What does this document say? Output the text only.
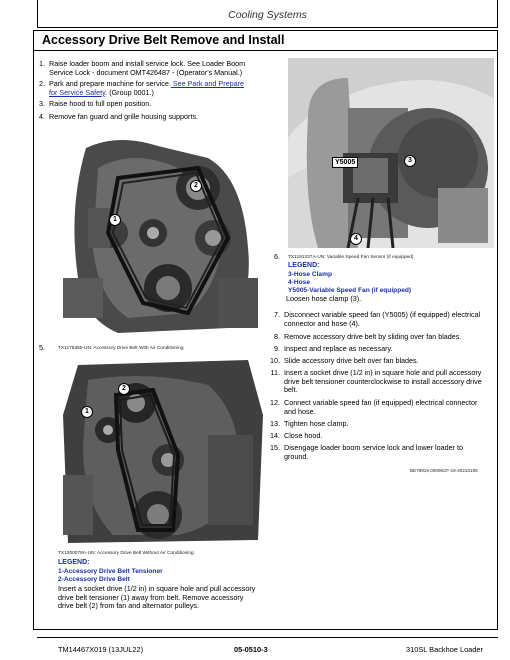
Cooling Systems
Accessory Drive Belt Remove and Install
1. Raise loader boom and install service lock. See Loader Boom
Service Lock - document OMT426487 - (Operator's Manual.)
2. Park and prepare machine for service. See Park and Prepare
for Service Safety. (Group 0001.)
3. Raise hood to full open position.
4. Remove fan guard and grille housing supports.
1
2
5.	TX1178360-UN: Accessory Drive Belt With Air Conditioning
1
2
TX1300078A-UN: Accessory Drive Belt Without Air Conditioning
LEGEND:
1-Accessory Drive Belt Tensioner
2-Accessory Drive Belt
Insert a socket drive (1/2 in) in square hole and pull accessory
drive belt tensioner (1) away from belt. Remove accessory
drive belt (2) from fan and alternator pulleys.
Y5005	3
4
6. TX1191237A-UN: Variable Speed Fan Sensor (if equipped)
LEGEND:
3-Hose Clamp
4-Hose
Y5005-Variable Speed Fan (if equipped)
Loosen hose clamp (3).
7. Disconnect variable speed fan (Y5005) (if equipped) electrical
connector and hose (4).
8. Remove accessory drive belt by sliding over fan blades.
9. Inspect and replace as necessary.
10. Slide accessory drive belt over fan blades.
11. Insert a socket drive (1/2 in) in square hole and pull accessory
drive belt tensioner counterclockwise to install accessory drive
belt.
12. Connect variable speed fan (if equipped) electrical connector
and hose.
13. Tighten hose clamp.
14. Close hood.
15. Disengage loader boom service lock and lower loader to
ground.
BE78919,00006CF-19-20210105
TM14467X019 (13JUL22)	05-0510-3	310SL Backhoe Loader
